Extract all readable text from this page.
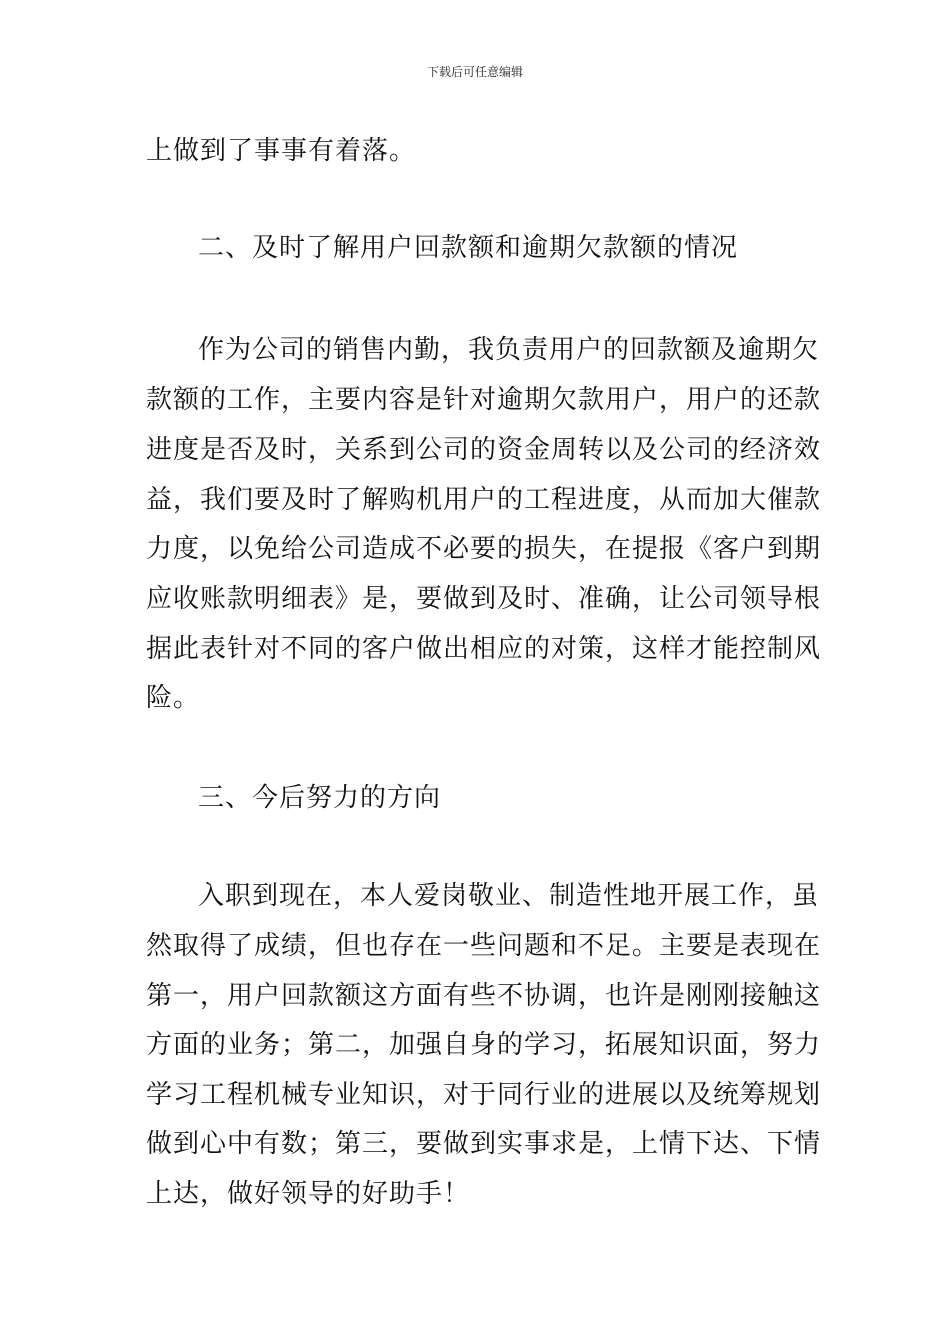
下载后可任意编辑
上做到了事事有着落。
二、及时了解用户回款额和逾期欠款额的情况
作为公司的销售内勤，我负责用户的回款额及逾期欠
款额的工作，主要内容是针对逾期欠款用户，用户的还款
进度是否及时，关系到公司的资金周转以及公司的经济效
益，我们要及时了解购机用户的工程进度，从而加大催款
力度，以免给公司造成不必要的损失，在提报《客户到期
应收账款明细表》是，要做到及时、准确，让公司领导根
据此表针对不同的客户做出相应的对策，这样才能控制风
险。
三、今后努力的方向
入职到现在，本人爱岗敬业、制造性地开展工作，虽
然取得了成绩，但也存在一些问题和不足。主要是表现在
第一，用户回款额这方面有些不协调，也许是刚刚接触这
方面的业务；第二，加强自身的学习，拓展知识面，努力
学习工程机械专业知识，对于同行业的进展以及统筹规划
做到心中有数；第三，要做到实事求是，上情下达、下情
上达，做好领导的好助手！
